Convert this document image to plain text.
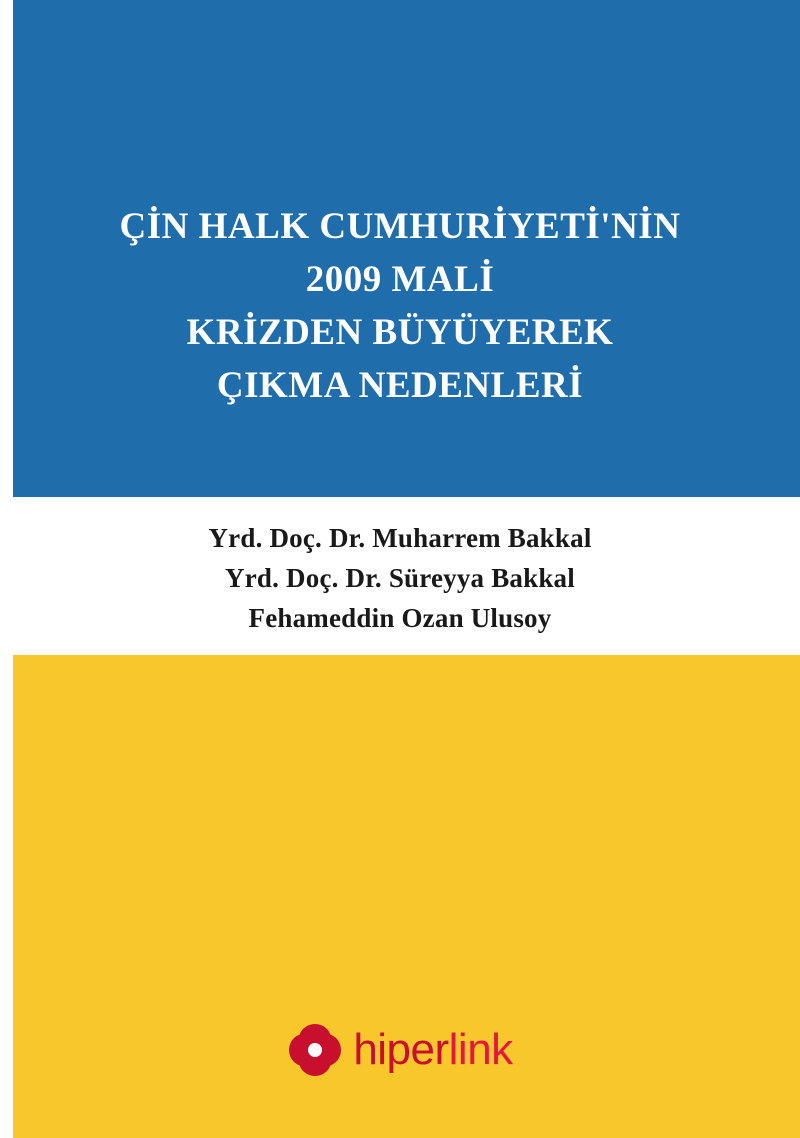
ÇİN HALK CUMHURİYETİ'NİN
2009 MALİ
KRİZDEN BÜYÜYEREK
ÇIKMA NEDENLERİ
Yrd. Doç. Dr. Muharrem Bakkal
Yrd. Doç. Dr. Süreyya Bakkal
Fehameddin Ozan Ulusoy
hiperlink
